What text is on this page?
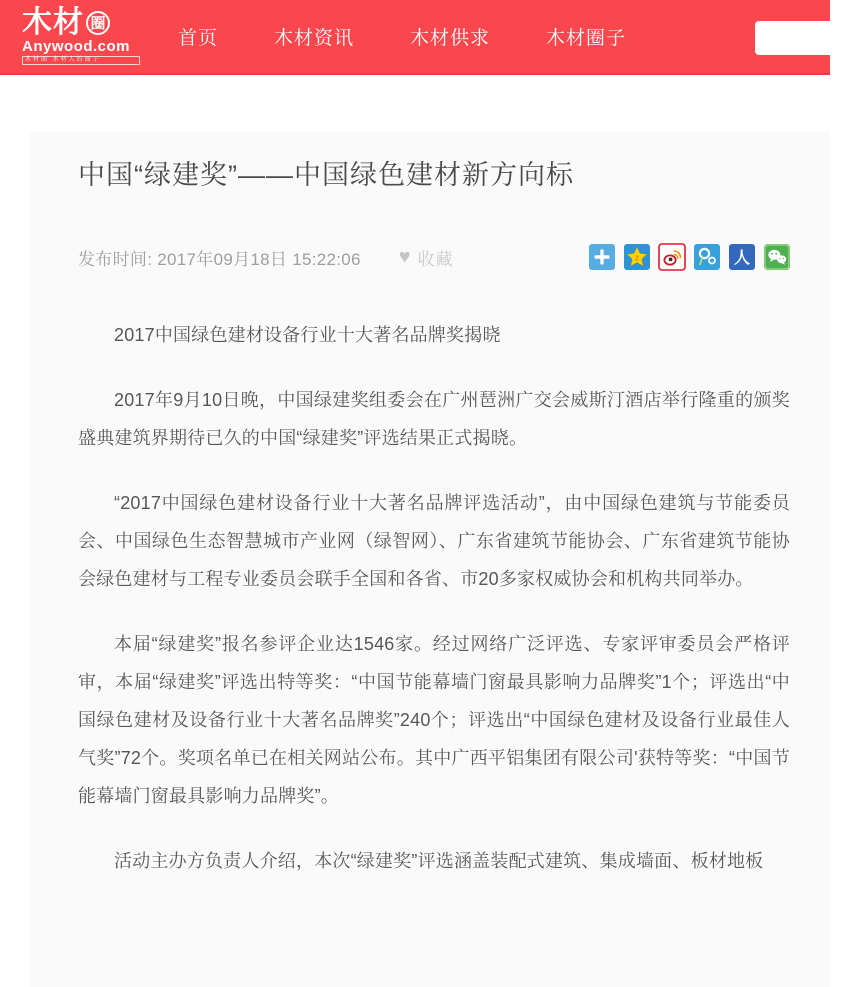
木材 圈
Anywood.com
木材圈 木材人的圈子
首页	木材资讯	木材供求	木材圈子
中国“绿建奖”——中国绿色建材新方向标
发布时间: 2017年09月18日 15:22:06 ♥ 收藏	z	人

2017中国绿色建材设备行业十大著名品牌奖揭晓

2017年9月10日晚，中国绿建奖组委会在广州琶洲广交会威斯汀酒店举行隆重的颁奖盛典建筑界期待已久的中国“绿建奖”评选结果正式揭晓。

“2017中国绿色建材设备行业十大著名品牌评选活动”，由中国绿色建筑与节能委员会、中国绿色生态智慧城市产业网（绿智网）、广东省建筑节能协会、广东省建筑节能协会绿色建材与工程专业委员会联手全国和各省、市20多家权威协会和机构共同举办。

本届“绿建奖”报名参评企业达1546家。经过网络广泛评选、专家评审委员会严格评审，本届“绿建奖”评选出特等奖：“中国节能幕墙门窗最具影响力品牌奖”1个；评选出“中国绿色建材及设备行业十大著名品牌奖”240个；评选出“中国绿色建材及设备行业最佳人气奖”72个。奖项名单已在相关网站公布。其中广西平铝集团有限公司'获特等奖：“中国节能幕墙门窗最具影响力品牌奖”。

活动主办方负责人介绍，本次“绿建奖”评选涵盖装配式建筑、集成墙面、板材地板
